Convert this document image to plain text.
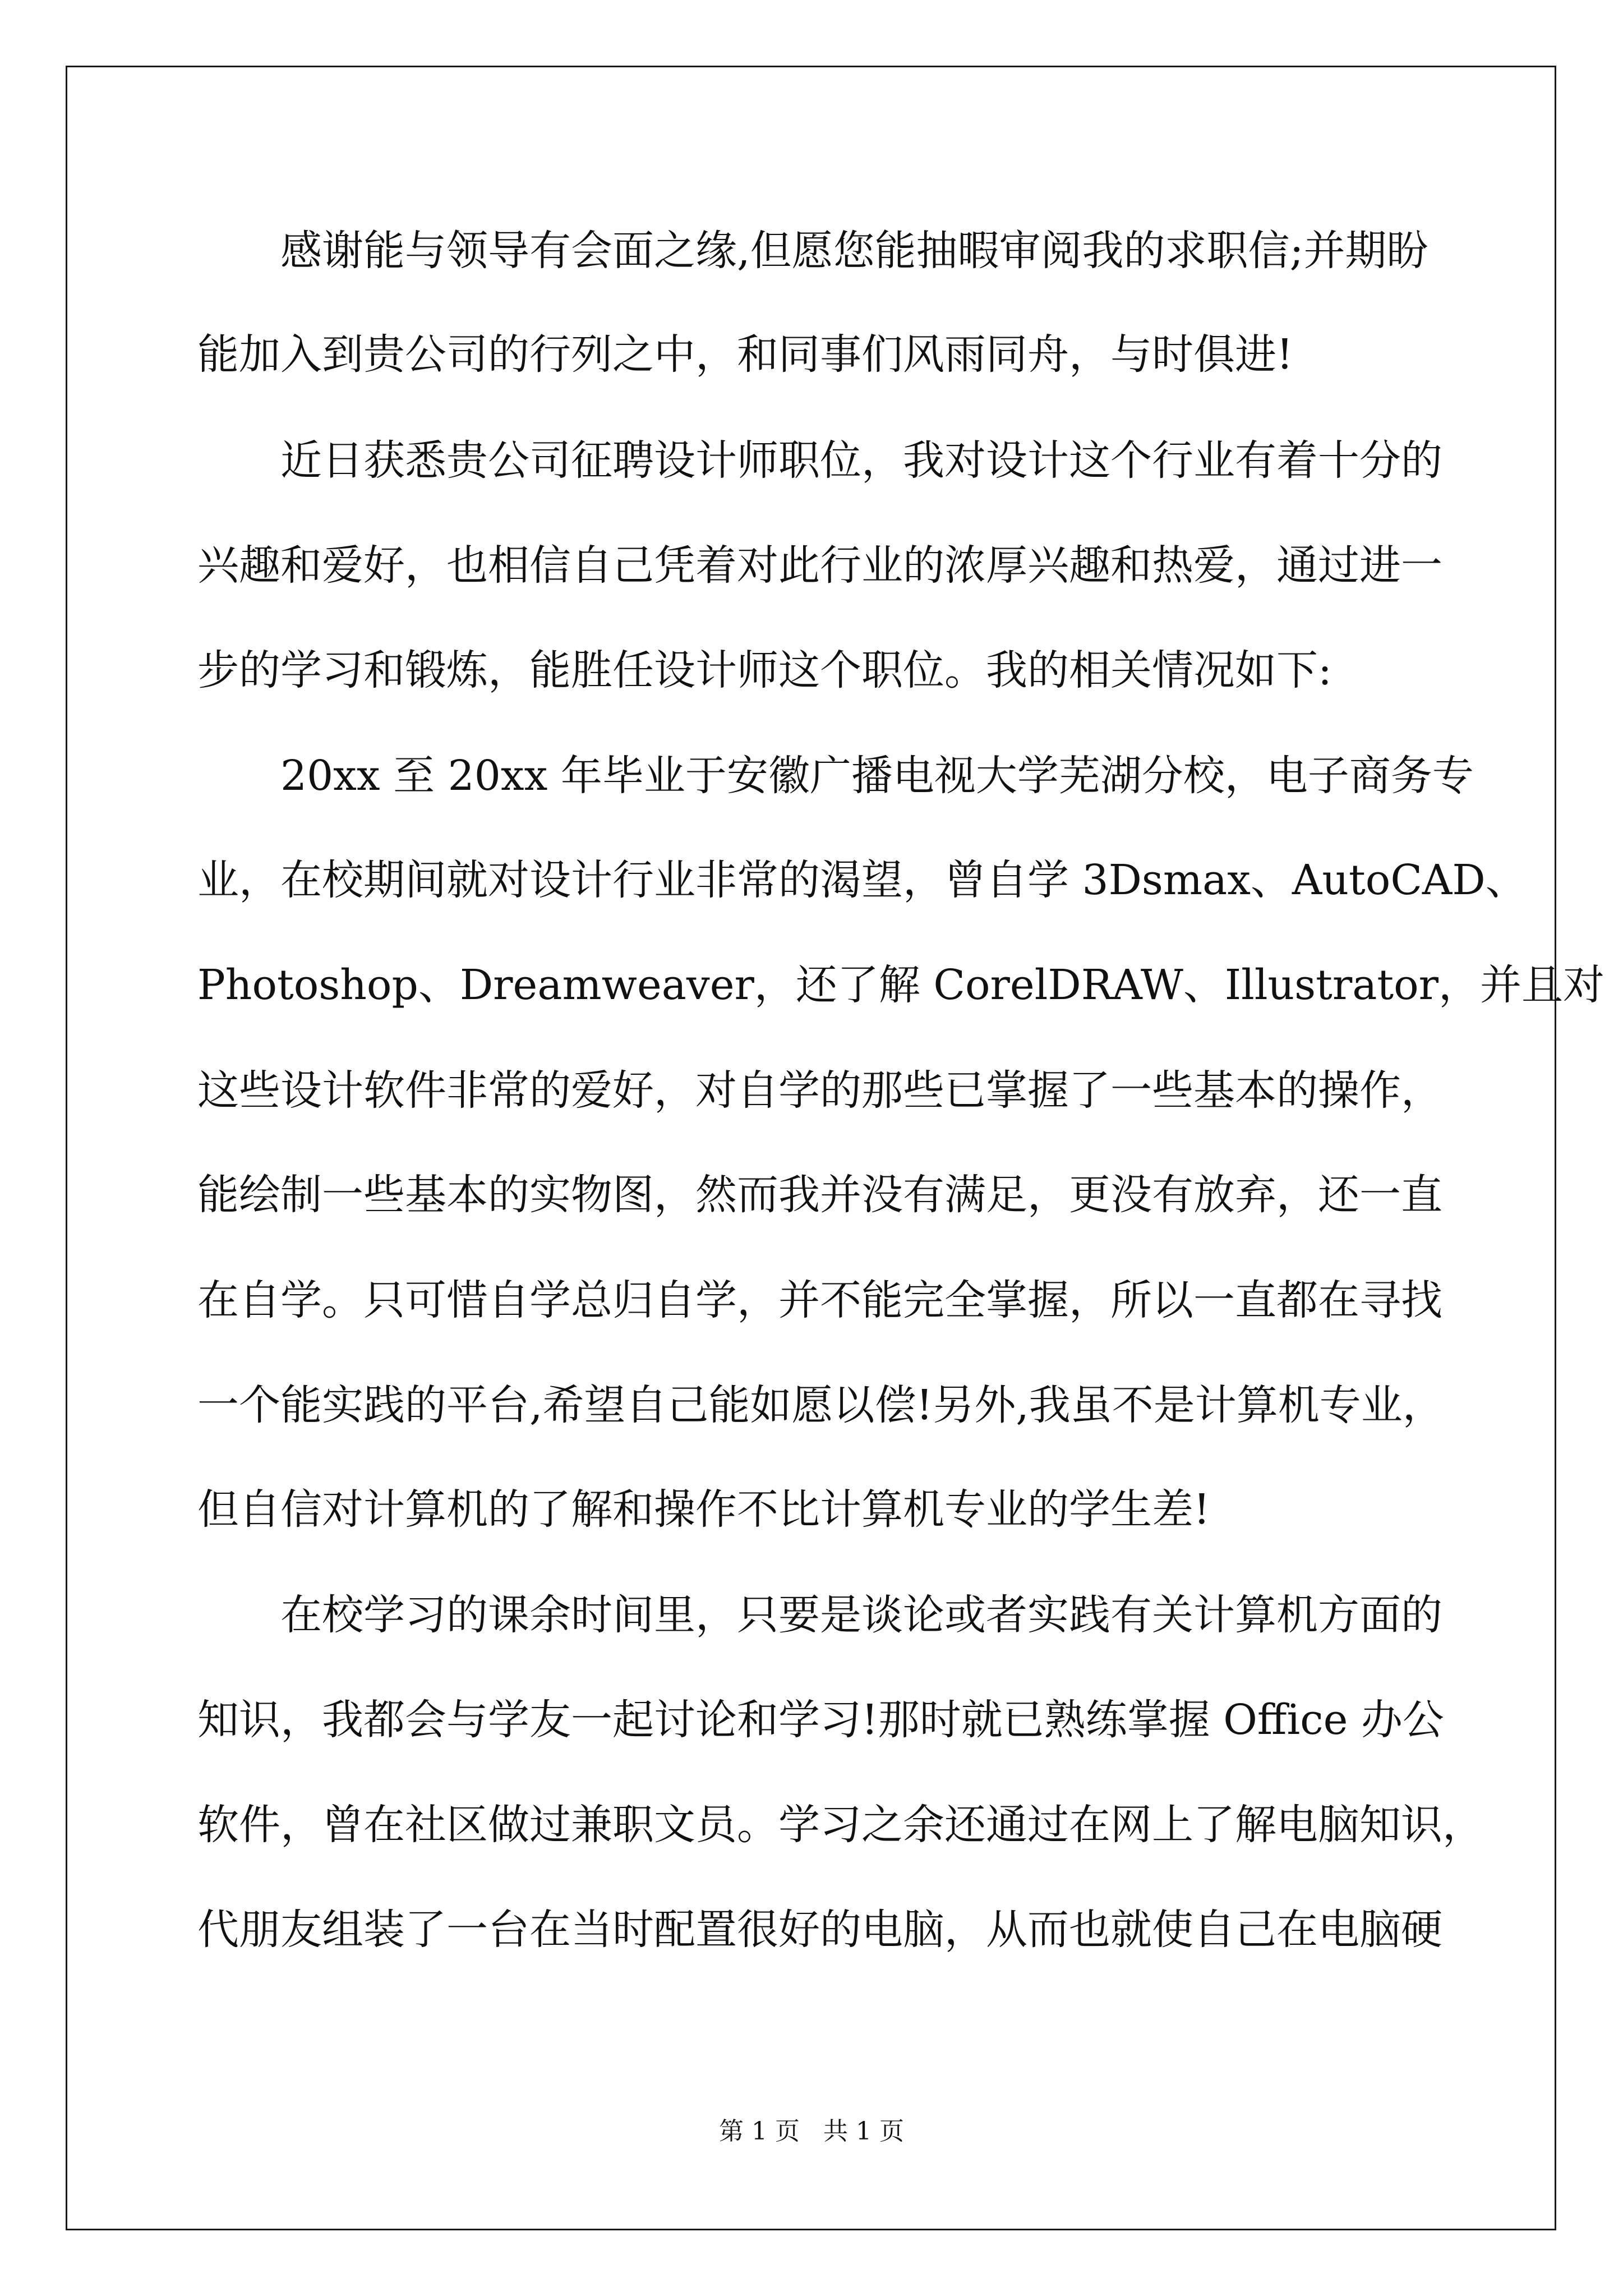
感谢能与领导有会面之缘,但愿您能抽暇审阅我的求职信;并期盼
能加入到贵公司的行列之中，和同事们风雨同舟，与时俱进!
近日获悉贵公司征聘设计师职位，我对设计这个行业有着十分的
兴趣和爱好，也相信自己凭着对此行业的浓厚兴趣和热爱，通过进一
步的学习和锻炼，能胜任设计师这个职位。我的相关情况如下:
20xx 至 20xx 年毕业于安徽广播电视大学芜湖分校，电子商务专
业，在校期间就对设计行业非常的渴望，曾自学 3Dsmax、AutoCAD、
Photoshop、Dreamweaver，还了解 CorelDRAW、Illustrator，并且对
这些设计软件非常的爱好，对自学的那些已掌握了一些基本的操作，
能绘制一些基本的实物图，然而我并没有满足，更没有放弃，还一直
在自学。只可惜自学总归自学，并不能完全掌握，所以一直都在寻找
一个能实践的平台,希望自己能如愿以偿!另外,我虽不是计算机专业，
但自信对计算机的了解和操作不比计算机专业的学生差!
在校学习的课余时间里，只要是谈论或者实践有关计算机方面的
知识，我都会与学友一起讨论和学习!那时就已熟练掌握 Office 办公
软件，曾在社区做过兼职文员。学习之余还通过在网上了解电脑知识，
代朋友组装了一台在当时配置很好的电脑，从而也就使自己在电脑硬
第 1 页   共 1 页
